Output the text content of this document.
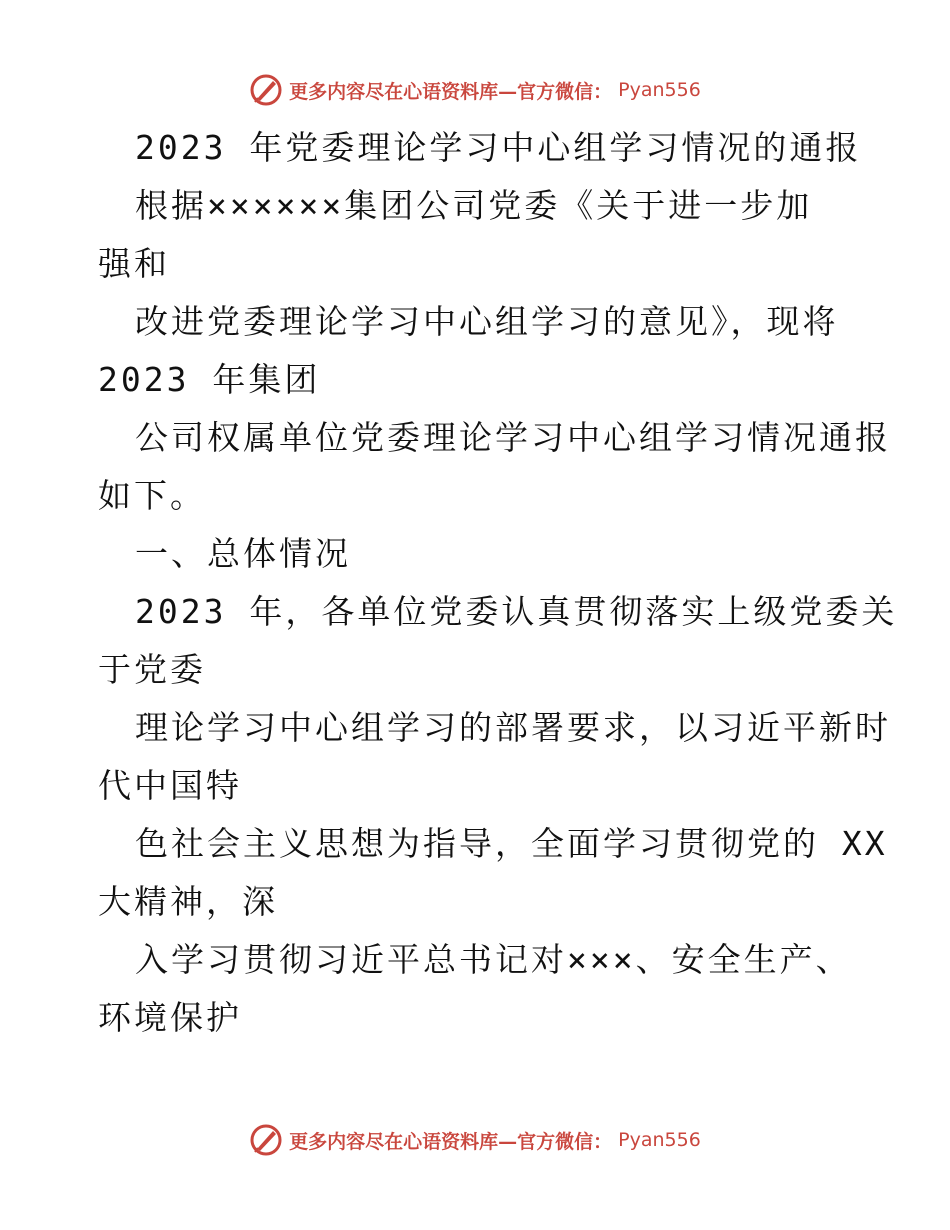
更多内容尽在心语资料库—官方微信： Pyan556
2023 年党委理论学习中心组学习情况的通报
根据××××××集团公司党委《关于进一步加
强和
改进党委理论学习中心组学习的意见》，现将
2023 年集团
公司权属单位党委理论学习中心组学习情况通报
如下。
一、总体情况
2023 年，各单位党委认真贯彻落实上级党委关
于党委
理论学习中心组学习的部署要求，以习近平新时
代中国特
色社会主义思想为指导，全面学习贯彻党的 XX
大精神，深
入学习贯彻习近平总书记对×××、安全生产、
环境保护
更多内容尽在心语资料库—官方微信： Pyan556
